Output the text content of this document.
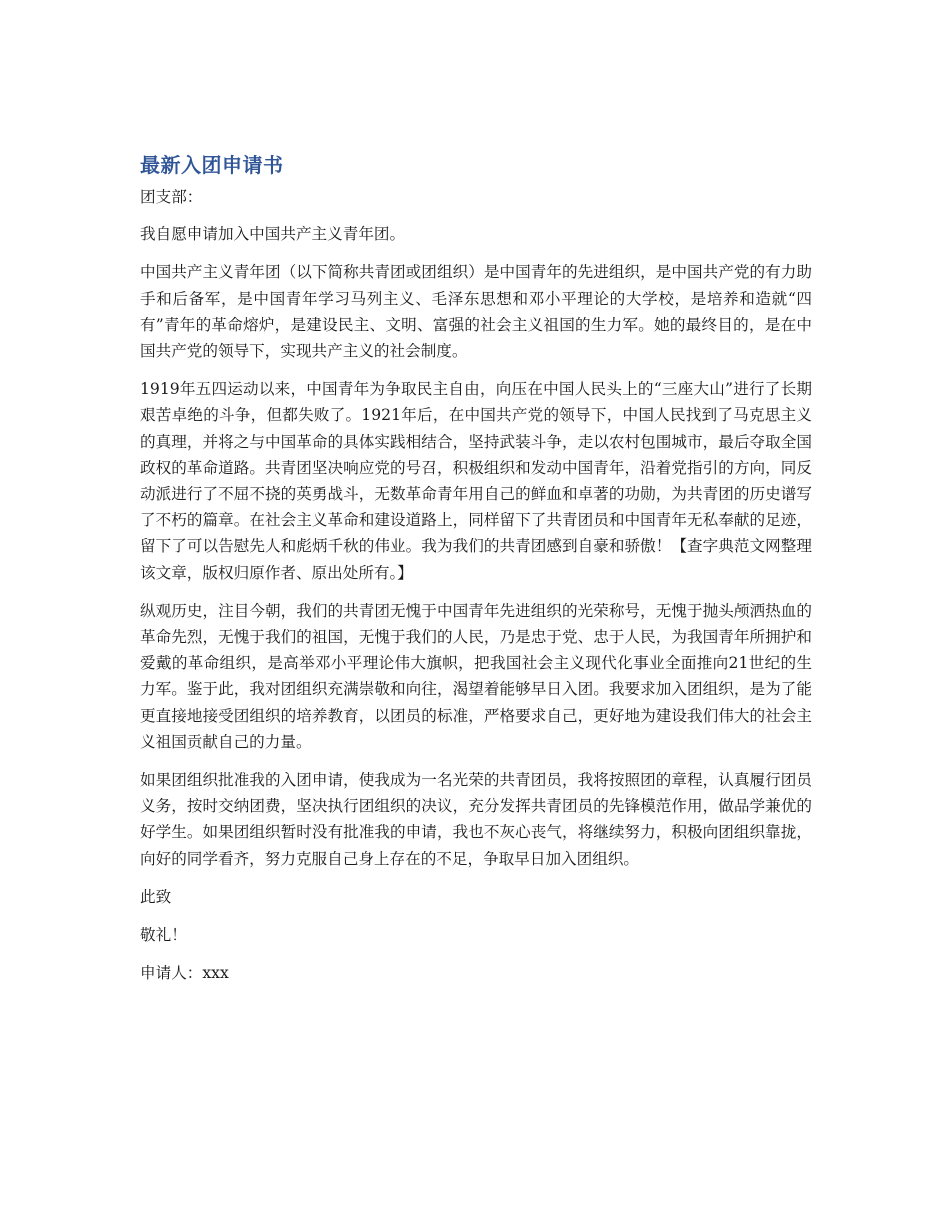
最新入团申请书

团支部：

我自愿申请加入中国共产主义青年团。

中国共产主义青年团（以下简称共青团或团组织）是中国青年的先进组织，是中国共产党的有力助手和后备军，是中国青年学习马列主义、毛泽东思想和邓小平理论的大学校，是培养和造就“四有”青年的革命熔炉，是建设民主、文明、富强的社会主义祖国的生力军。她的最终目的，是在中国共产党的领导下，实现共产主义的社会制度。

1919年五四运动以来，中国青年为争取民主自由，向压在中国人民头上的“三座大山”进行了长期艰苦卓绝的斗争，但都失败了。1921年后，在中国共产党的领导下，中国人民找到了马克思主义的真理，并将之与中国革命的具体实践相结合，坚持武装斗争，走以农村包围城市，最后夺取全国政权的革命道路。共青团坚决响应党的号召，积极组织和发动中国青年，沿着党指引的方向，同反动派进行了不屈不挠的英勇战斗，无数革命青年用自己的鲜血和卓著的功勋，为共青团的历史谱写了不朽的篇章。在社会主义革命和建设道路上，同样留下了共青团员和中国青年无私奉献的足迹，留下了可以告慰先人和彪炳千秋的伟业。我为我们的共青团感到自豪和骄傲！【查字典范文网整理该文章，版权归原作者、原出处所有。】

纵观历史，注目今朝，我们的共青团无愧于中国青年先进组织的光荣称号，无愧于抛头颅洒热血的革命先烈，无愧于我们的祖国，无愧于我们的人民，乃是忠于党、忠于人民，为我国青年所拥护和爱戴的革命组织，是高举邓小平理论伟大旗帜，把我国社会主义现代化事业全面推向21世纪的生力军。鉴于此，我对团组织充满崇敬和向往，渴望着能够早日入团。我要求加入团组织，是为了能更直接地接受团组织的培养教育，以团员的标准，严格要求自己，更好地为建设我们伟大的社会主义祖国贡献自己的力量。

如果团组织批准我的入团申请，使我成为一名光荣的共青团员，我将按照团的章程，认真履行团员义务，按时交纳团费，坚决执行团组织的决议，充分发挥共青团员的先锋模范作用，做品学兼优的好学生。如果团组织暂时没有批准我的申请，我也不灰心丧气，将继续努力，积极向团组织靠拢，向好的同学看齐，努力克服自己身上存在的不足，争取早日加入团组织。

此致

敬礼！

申请人：xxx
